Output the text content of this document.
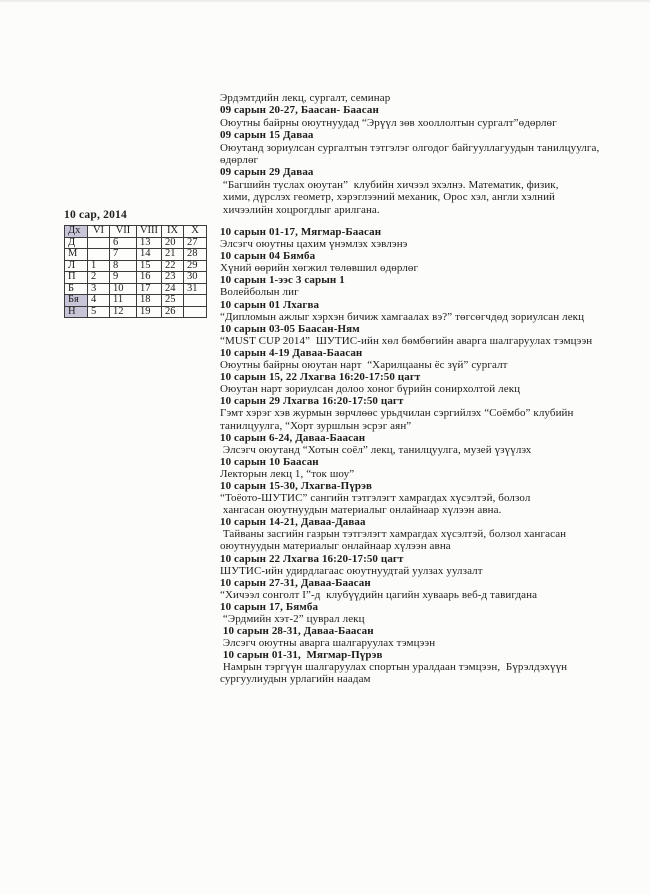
Эрдэмтдийн лекц, сургалт, семинар
09 сарын 20-27, Баасан- Баасан
Оюутны байрны оюутнуудад “Эрүүл зөв хооллолтын сургалт”өдөрлөг
09 сарын 15 Даваа
Оюутанд зориулсан сургалтын тэтгэлэг олгодог байгууллагуудын танилцуулга,
өдөрлөг
09 сарын 29 Даваа
“Багшийн туслах оюутан”  клубийн хичээл эхэлнэ. Математик, физик,
хими, дүрслэх геометр, хэрэглээний механик, Орос хэл, англи хэлний
хичээлийн хоцрогдлыг арилгана.
10 сар, 2014
Дх	VI	VII	VIII	IX	X
Д		6	13	20	27
М		7	14	21	28
Л	1	8	15	22	29
П	2	9	16	23	30
Б	3	10	17	24	31
Бя	4	11	18	25	
Н	5	12	19	26	
10 сарын 01-17, Мягмар-Баасан
Элсэгч оюутны цахим үнэмлэх хэвлэнэ
10 сарын 04 Бямба
Хүний өөрийн хөгжил төлөвшил өдөрлөг
10 сарын 1-ээс 3 сарын 1
Волейболын лиг
10 сарын 01 Лхагва
“Дипломын ажлыг хэрхэн бичиж хамгаалах вэ?” төгсөгчдөд зориулсан лекц
10 сарын 03-05 Баасан-Ням
“MUST CUP 2014”  ШУТИС-ийн хөл бөмбөгийн аварга шалгаруулах тэмцээн
10 сарын 4-19 Даваа-Баасан
Оюутны байрны оюутан нарт  “Харилцааны ёс зүй” сургалт
10 сарын 15, 22 Лхагва 16:20-17:50 цагт
Оюутан нарт зориулсан долоо хоног бүрийн сонирхолтой лекц
10 сарын 29 Лхагва 16:20-17:50 цагт
Гэмт хэрэг хэв журмын зөрчлөөс урьдчилан сэргийлэх “Соёмбо” клубийн
танилцуулга, “Хорт зуршлын эсрэг аян”
10 сарын 6-24, Даваа-Баасан
Элсэгч оюутанд “Хотын соёл” лекц, танилцуулга, музей үзүүлэх
10 сарын 10 Баасан
Лекторын лекц 1, “ток шоу”
10 сарын 15-30, Лхагва-Пүрэв
“Тоёото-ШУТИС” сангийн тэтгэлэгт хамрагдах хүсэлтэй, болзол
хангасан оюутнуудын материалыг онлайнаар хүлээн авна.
10 сарын 14-21, Даваа-Даваа
Тайваны засгийн газрын тэтгэлэгт хамрагдах хүсэлтэй, болзол хангасан
оюутнуудын материалыг онлайнаар хүлээн авна
10 сарын 22 Лхагва 16:20-17:50 цагт
ШУТИС-ийн удирдлагаас оюутнуудтай уулзах уулзалт
10 сарын 27-31, Даваа-Баасан
“Хичээл сонголт I”-д  клубүүдийн цагийн хуваарь веб-д тавигдана
10 сарын 17, Бямба
“Эрдмийн хэт-2” цуврал лекц
10 сарын 28-31, Даваа-Баасан
Элсэгч оюутны аварга шалгаруулах тэмцээн
10 сарын 01-31,  Мягмар-Пүрэв
Намрын тэргүүн шалгаруулах спортын уралдаан тэмцээн,  Бүрэлдэхүүн
сургуулиудын урлагийн наадам
